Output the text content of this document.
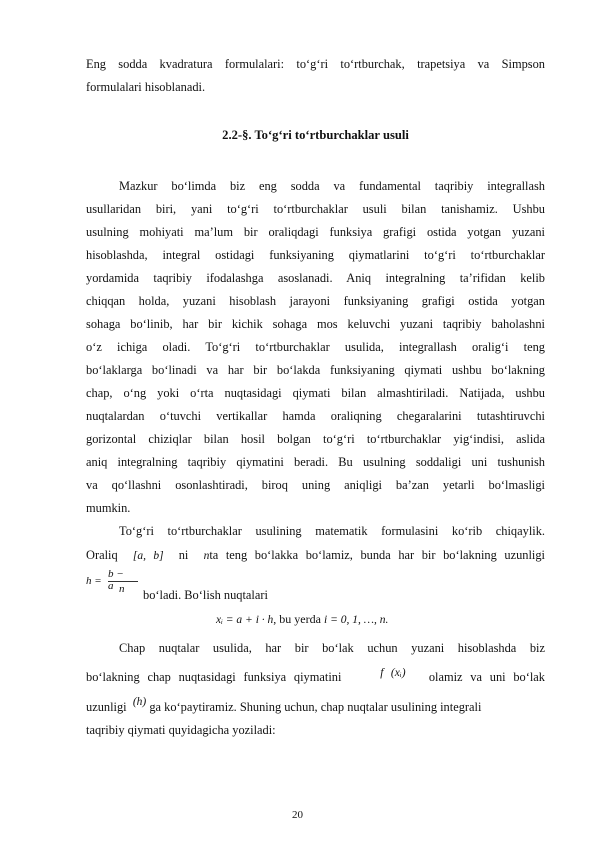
Eng sodda kvadratura formulalari: to‘g‘ri to‘rtburchak, trapetsiya va Simpson

formulalari hisoblanadi.

2.2-§. To‘g‘ri to‘rtburchaklar usuli

Mazkur bo‘limda biz eng sodda va fundamental taqribiy integrallash

usullaridan biri, yani to‘g‘ri to‘rtburchaklar usuli bilan tanishamiz. Ushbu

usulning mohiyati ma’lum bir oraliqdagi funksiya grafigi ostida yotgan yuzani

hisoblashda, integral ostidagi funksiyaning qiymatlarini to‘g‘ri to‘rtburchaklar

yordamida taqribiy ifodalashga asoslanadi. Aniq integralning ta’rifidan kelib

chiqqan holda, yuzani hisoblash jarayoni funksiyaning grafigi ostida yotgan

sohaga bo‘linib, har bir kichik sohaga mos keluvchi yuzani taqribiy baholashni

o‘z ichiga oladi. To‘g‘ri to‘rtburchaklar usulida, integrallash oralig‘i teng

bo‘laklarga bo‘linadi va har bir bo‘lakda funksiyaning qiymati ushbu bo‘lakning

chap, o‘ng yoki o‘rta nuqtasidagi qiymati bilan almashtiriladi. Natijada, ushbu

nuqtalardan o‘tuvchi vertikallar hamda oraliqning chegaralarini tutashtiruvchi

gorizontal chiziqlar bilan hosil bolgan to‘g‘ri to‘rtburchaklar yig‘indisi, aslida

aniq integralning taqribiy qiymatini beradi. Bu usulning soddaligi uni tushunish

va qo‘llashni osonlashtiradi, biroq uning aniqligi ba’zan yetarli bo‘lmasligi

mumkin.

To‘g‘ri to‘rtburchaklar usulining matematik formulasini ko‘rib chiqaylik.

Oraliq [a, b] ni nta teng bo‘lakka bo‘lamiz, bunda har bir bo‘lakning uzunligi

h =
b − a n bo‘ladi. Bo‘lish nuqtalari

xᵢ = a + i · h, bu yerda i = 0, 1, …, n.

Chap nuqtalar usulida, har bir bo‘lak uchun yuzani hisoblashda biz

bo‘lakning chap nuqtasidagi funksiya qiymatini	f (xᵢ) olamiz va uni bo‘lak

uzunligi (h) ga ko‘paytiramiz. Shuning uchun, chap nuqtalar usulining integrali

taqribiy qiymati quyidagicha yoziladi:

20
